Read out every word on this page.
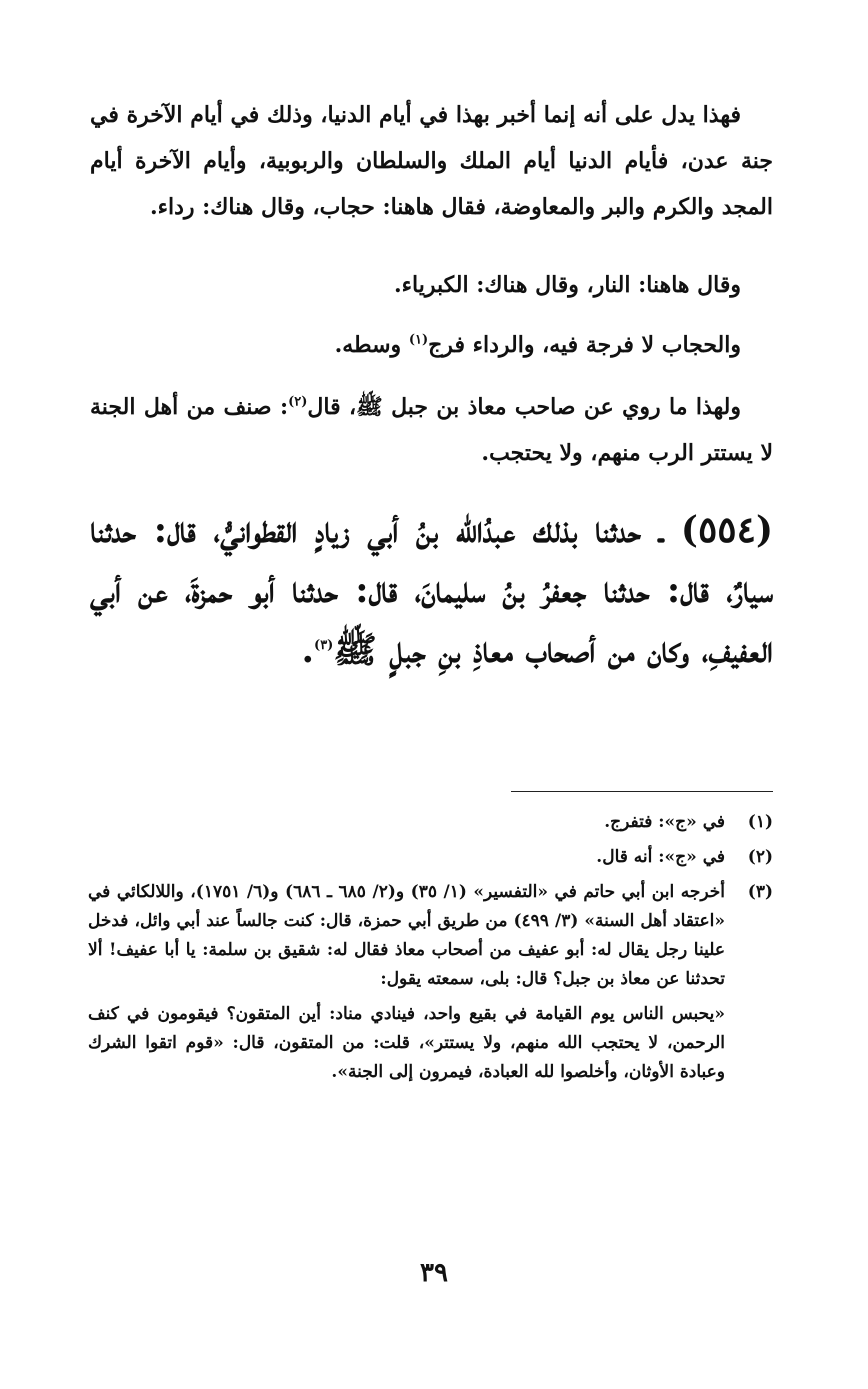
فهذا يدل على أنه إنما أخبر بهذا في أيام الدنيا، وذلك في أيام الآخرة في جنة عدن، فأيام الدنيا أيام الملك والسلطان والربوبية، وأيام الآخرة أيام المجد والكرم والبر والمعاوضة، فقال هاهنا: حجاب، وقال هناك: رداء.
وقال هاهنا: النار، وقال هناك: الكبرياء.
والحجاب لا فرجة فيه، والرداء فرج$^{(١)}$ وسطه.
ولهذا ما روي عن صاحب معاذ بن جبل ﷺ، قال$^{(٢)}$: صنف من أهل الجنة لا يستتر الرب منهم، ولا يحتجب.
(٥٥٤) ـ حدثنا بذلك عبدُالله بنُ أبي زيادٍ القطوانيُّ، قال: حدثنا سيارٌ، قال: حدثنا جعفرُ بنُ سليمانَ، قال: حدثنا أبو حمزةَ، عن أبي العفيفِ، وكان من أصحاب معاذِ بنِ جبلٍ ﷺ$^{(٣)}$.
(١)
في «ج»: فتفرج.
(٢)
في «ج»: أنه قال.
(٣)
أخرجه ابن أبي حاتم في «التفسير» (١/ ٣٥) و(٢/ ٦٨٥ ـ ٦٨٦) و(٦/ ١٧٥١)، واللالكائي في «اعتقاد أهل السنة» (٣/ ٤٩٩) من طريق أبي حمزة، قال: كنت جالساً عند أبي وائل، فدخل علينا رجل يقال له: أبو عفيف من أصحاب معاذ فقال له: شقيق بن سلمة: يا أبا عفيف! ألا تحدثنا عن معاذ بن جبل؟ قال: بلى، سمعته يقول:
«يحبس الناس يوم القيامة في بقيع واحد، فينادي مناد: أين المتقون؟ فيقومون في كنف الرحمن، لا يحتجب الله منهم، ولا يستتر»، قلت: من المتقون، قال: «قوم اتقوا الشرك وعبادة الأوثان، وأخلصوا لله العبادة، فيمرون إلى الجنة».
٣٩
